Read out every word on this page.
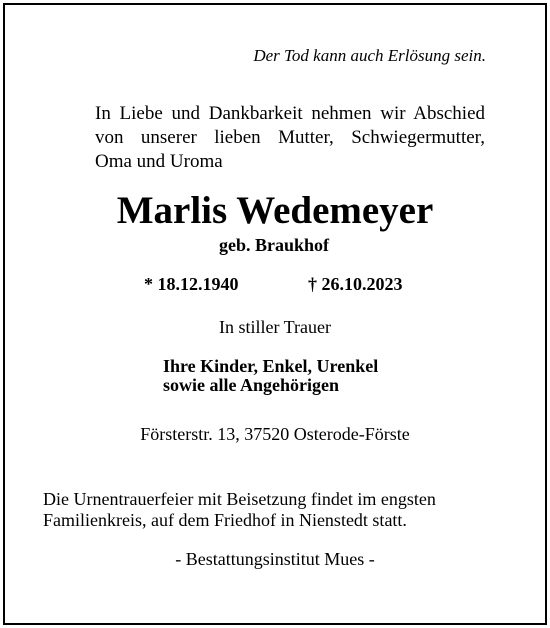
Der Tod kann auch Erlösung sein.
In Liebe und Dankbarkeit nehmen wir Abschied
von unserer lieben Mutter, Schwiegermutter,
Oma und Uroma
Marlis Wedemeyer
geb. Braukhof
* 18.12.1940	† 26.10.2023
In stiller Trauer
Ihre Kinder, Enkel, Urenkel
sowie alle Angehörigen
Försterstr. 13, 37520 Osterode-Förste
Die Urnentrauerfeier mit Beisetzung findet im engsten
Familienkreis, auf dem Friedhof in Nienstedt statt.
- Bestattungsinstitut Mues -
